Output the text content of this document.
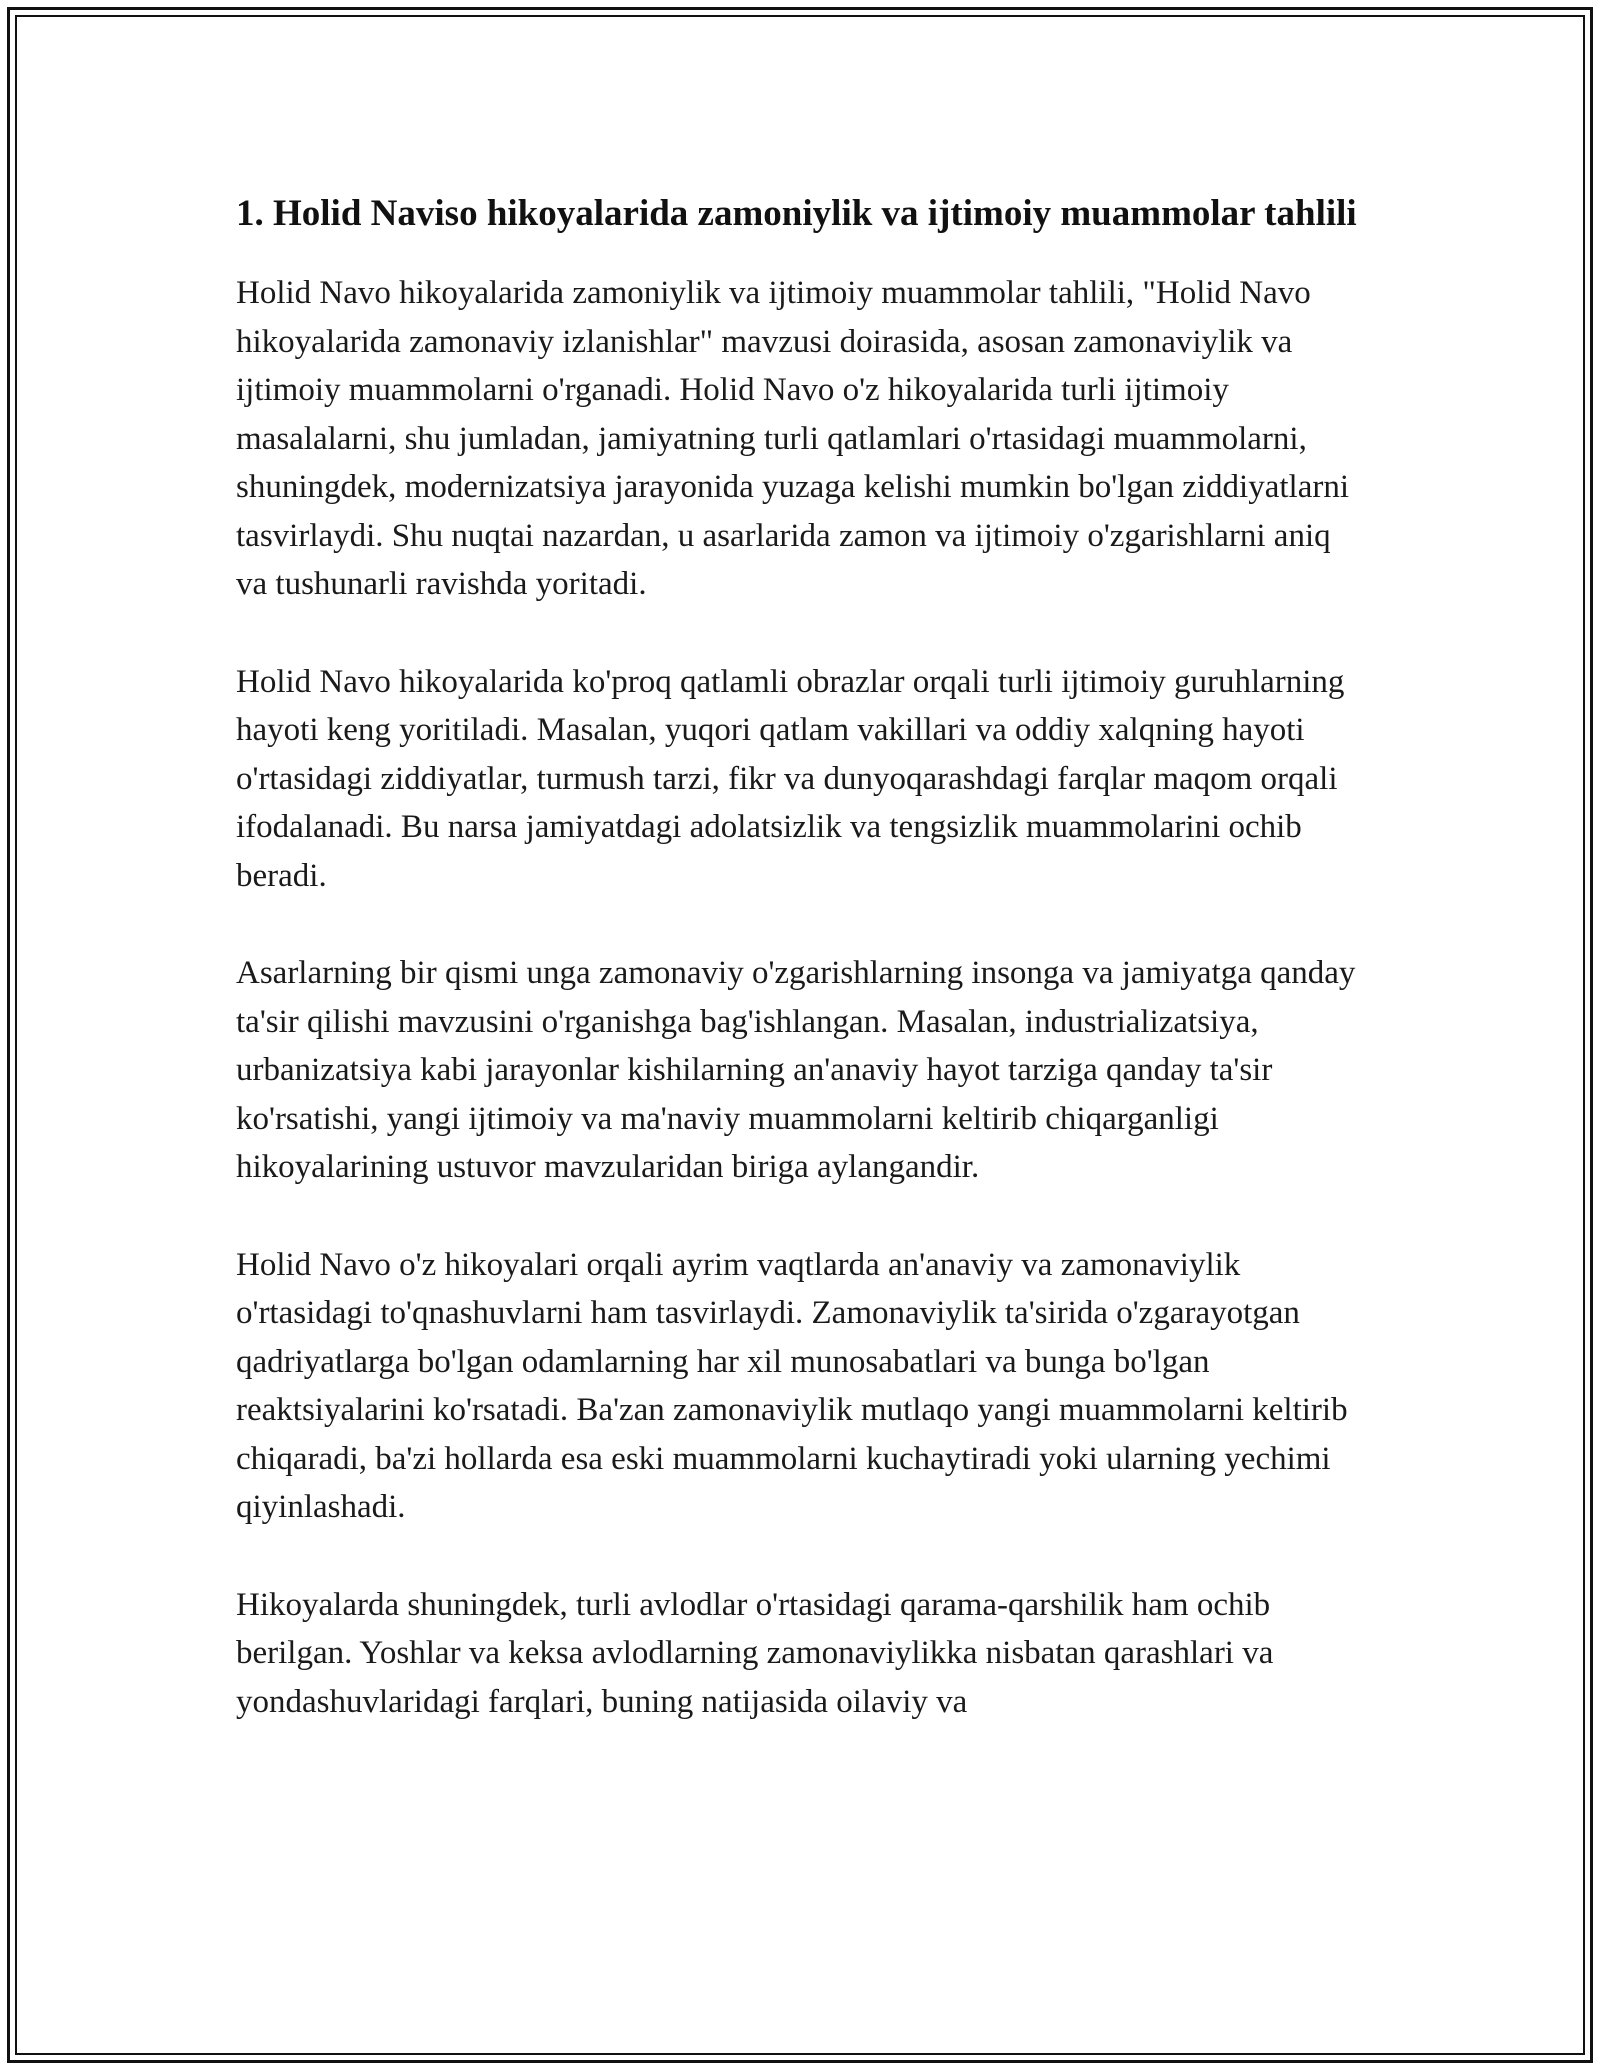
1. Holid Naviso hikoyalarida zamoniylik va ijtimoiy muammolar tahlili

Holid Navo hikoyalarida zamoniylik va ijtimoiy muammolar tahlili, "Holid Navo hikoyalarida zamonaviy izlanishlar" mavzusi doirasida, asosan zamonaviylik va ijtimoiy muammolarni o'rganadi. Holid Navo o'z hikoyalarida turli ijtimoiy masalalarni, shu jumladan, jamiyatning turli qatlamlari o'rtasidagi muammolarni, shuningdek, modernizatsiya jarayonida yuzaga kelishi mumkin bo'lgan ziddiyatlarni tasvirlaydi. Shu nuqtai nazardan, u asarlarida zamon va ijtimoiy o'zgarishlarni aniq va tushunarli ravishda yoritadi.

Holid Navo hikoyalarida ko'proq qatlamli obrazlar orqali turli ijtimoiy guruhlarning hayoti keng yoritiladi. Masalan, yuqori qatlam vakillari va oddiy xalqning hayoti o'rtasidagi ziddiyatlar, turmush tarzi, fikr va dunyoqarashdagi farqlar maqom orqali ifodalanadi. Bu narsa jamiyatdagi adolatsizlik va tengsizlik muammolarini ochib beradi.

Asarlarning bir qismi unga zamonaviy o'zgarishlarning insonga va jamiyatga qanday ta'sir qilishi mavzusini o'rganishga bag'ishlangan. Masalan, industrializatsiya, urbanizatsiya kabi jarayonlar kishilarning an'anaviy hayot tarziga qanday ta'sir ko'rsatishi, yangi ijtimoiy va ma'naviy muammolarni keltirib chiqarganligi hikoyalarining ustuvor mavzularidan biriga aylangandir.

Holid Navo o'z hikoyalari orqali ayrim vaqtlarda an'anaviy va zamonaviylik o'rtasidagi to'qnashuvlarni ham tasvirlaydi. Zamonaviylik ta'sirida o'zgarayotgan qadriyatlarga bo'lgan odamlarning har xil munosabatlari va bunga bo'lgan reaktsiyalarini ko'rsatadi. Ba'zan zamonaviylik mutlaqo yangi muammolarni keltirib chiqaradi, ba'zi hollarda esa eski muammolarni kuchaytiradi yoki ularning yechimi qiyinlashadi.

Hikoyalarda shuningdek, turli avlodlar o'rtasidagi qarama-qarshilik ham ochib berilgan. Yoshlar va keksa avlodlarning zamonaviylikka nisbatan qarashlari va yondashuvlaridagi farqlari, buning natijasida oilaviy va
